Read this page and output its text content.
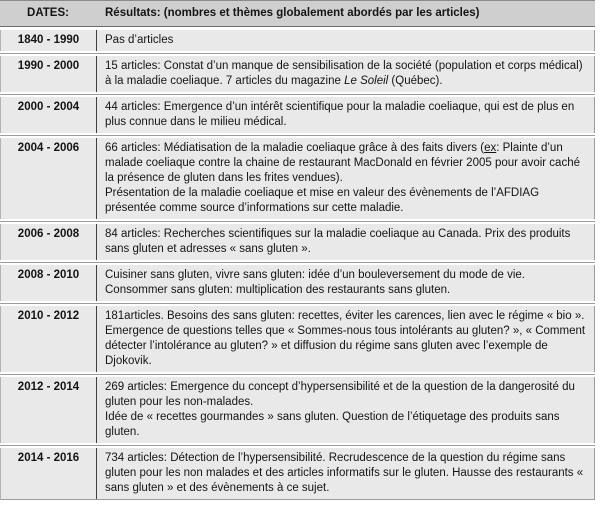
DATES:	Résultats: (nombres et thèmes globalement abordés par les articles)
1840 - 1990	Pas d’articles

1990 - 2000	15 articles: Constat d’un manque de sensibilisation de la société (population et corps médical) à la maladie coeliaque. 7 articles du magazine Le Soleil (Québec).

2000 - 2004	44 articles: Emergence d’un intérêt scientifique pour la maladie coeliaque, qui est de plus en plus connue dans le milieu médical.

2004 - 2006	66 articles: Médiatisation de la maladie coeliaque grâce à des faits divers (ex: Plainte d’un malade coeliaque contre la chaine de restaurant MacDonald en février 2005 pour avoir caché la présence de gluten dans les frites vendues).

Présentation de la maladie coeliaque et mise en valeur des évènements de l’AFDIAG présentée comme source d’informations sur cette maladie.

2006 - 2008	84 articles: Recherches scientifiques sur la maladie coeliaque au Canada. Prix des produits sans gluten et adresses « sans gluten ».

2008 - 2010	Cuisiner sans gluten, vivre sans gluten: idée d’un bouleversement du mode de vie.

Consommer sans gluten: multiplication des restaurants sans gluten.

2010 - 2012	181articles. Besoins des sans gluten: recettes, éviter les carences, lien avec le régime « bio ».

Emergence de questions telles que « Sommes-nous tous intolérants au gluten? », « Comment détecter l’intolérance au gluten? » et diffusion du régime sans gluten avec l’exemple de Djokovik.

2012 - 2014	269 articles: Emergence du concept d’hypersensibilité et de la question de la dangerosité du gluten pour les non-malades.

Idée de « recettes gourmandes » sans gluten. Question de l’étiquetage des produits sans gluten.

2014 - 2016	734 articles: Détection de l’hypersensibilité. Recrudescence de la question du régime sans gluten pour les non malades et des articles informatifs sur le gluten. Hausse des restaurants « sans gluten » et des évènements à ce sujet.
